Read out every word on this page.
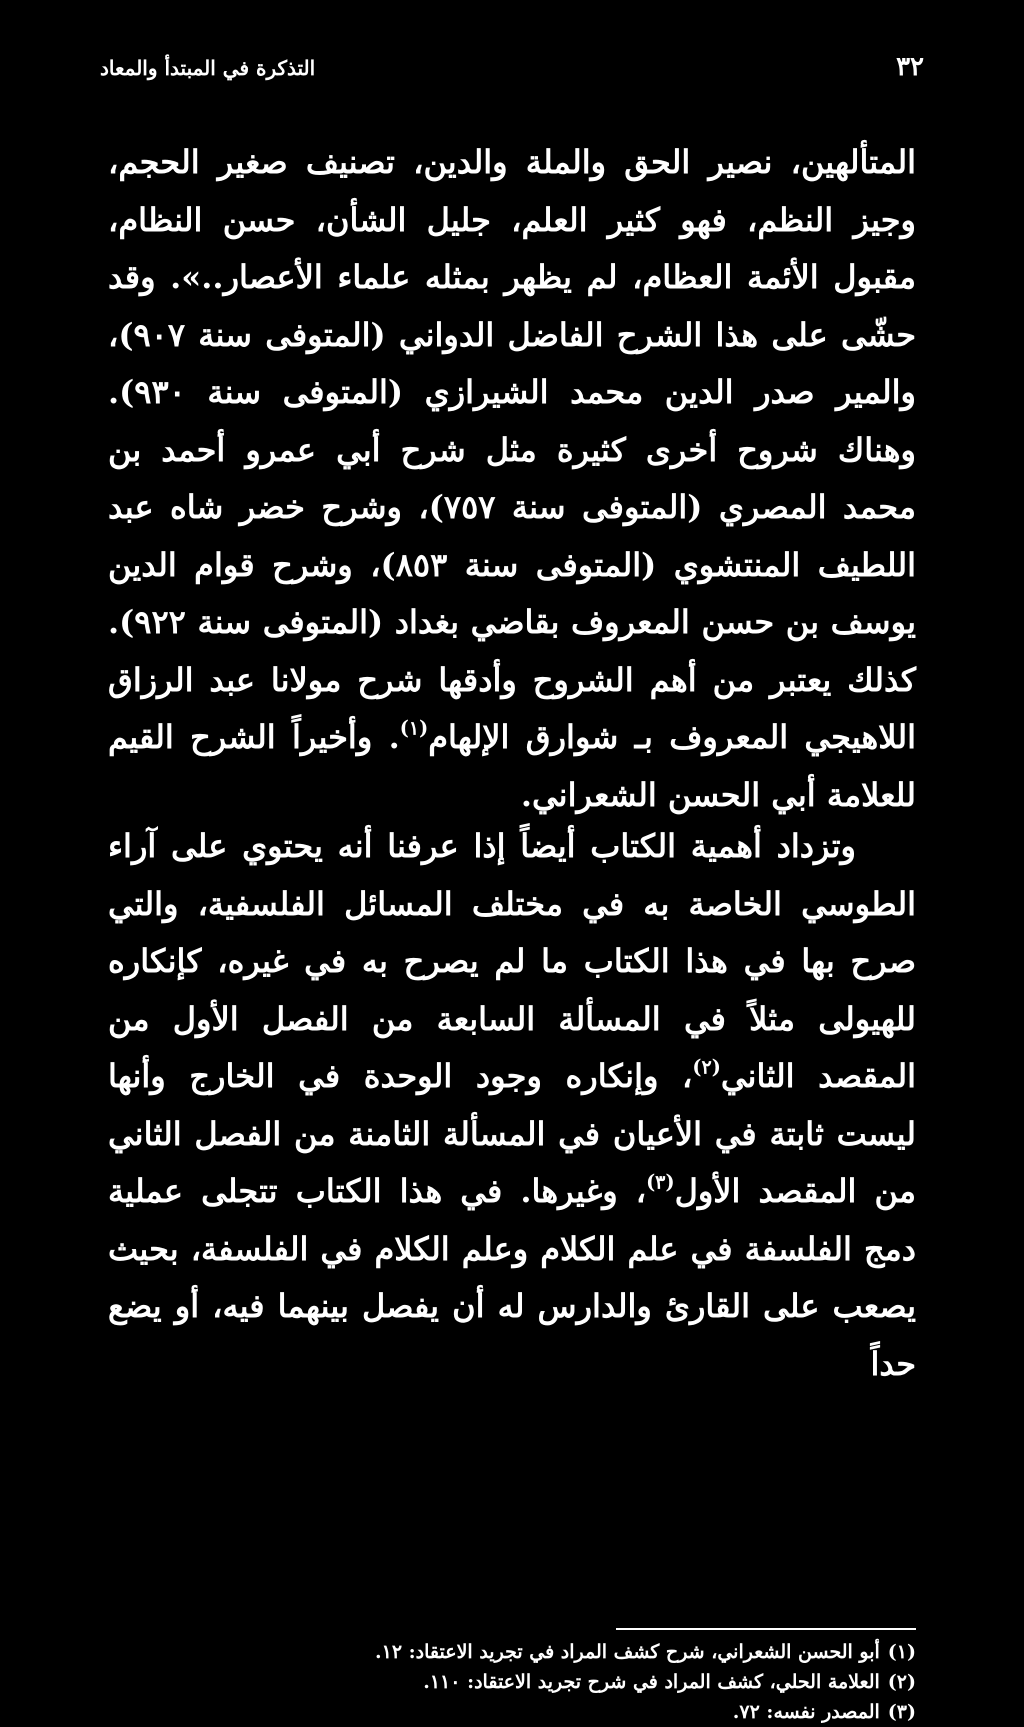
٣٢
التذكرة في المبتدأ والمعاد

المتألهين، نصير الحق والملة والدين، تصنيف صغير الحجم، وجيز النظم، فهو كثير العلم، جليل الشأن، حسن النظام، مقبول الأئمة العظام، لم يظهر بمثله علماء الأعصار..». وقد حشّى على هذا الشرح الفاضل الدواني (المتوفى سنة ٩٠٧)، والمير صدر الدين محمد الشيرازي (المتوفى سنة ٩٣٠). وهناك شروح أخرى كثيرة مثل شرح أبي عمرو أحمد بن محمد المصري (المتوفى سنة ٧٥٧)، وشرح خضر شاه عبد اللطيف المنتشوي (المتوفى سنة ٨٥٣)، وشرح قوام الدين يوسف بن حسن المعروف بقاضي بغداد (المتوفى سنة ٩٢٢). كذلك يعتبر من أهم الشروح وأدقها شرح مولانا عبد الرزاق اللاهيجي المعروف بـ شوارق الإلهام$^{(١)}$. وأخيراً الشرح القيم للعلامة أبي الحسن الشعراني.

وتزداد أهمية الكتاب أيضاً إذا عرفنا أنه يحتوي على آراء الطوسي الخاصة به في مختلف المسائل الفلسفية، والتي صرح بها في هذا الكتاب ما لم يصرح به في غيره، كإنكاره للهيولى مثلاً في المسألة السابعة من الفصل الأول من المقصد الثاني$^{(٢)}$، وإنكاره وجود الوحدة في الخارج وأنها ليست ثابتة في الأعيان في المسألة الثامنة من الفصل الثاني من المقصد الأول$^{(٣)}$، وغيرها. في هذا الكتاب تتجلى عملية دمج الفلسفة في علم الكلام وعلم الكلام في الفلسفة، بحيث يصعب على القارئ والدارس له أن يفصل بينهما فيه، أو يضع حداً

(١)أبو الحسن الشعراني، شرح كشف المراد في تجريد الاعتقاد: ١٢.
(٢)العلامة الحلي، كشف المراد في شرح تجريد الاعتقاد: ١١٠.
(٣)المصدر نفسه: ٧٢.
